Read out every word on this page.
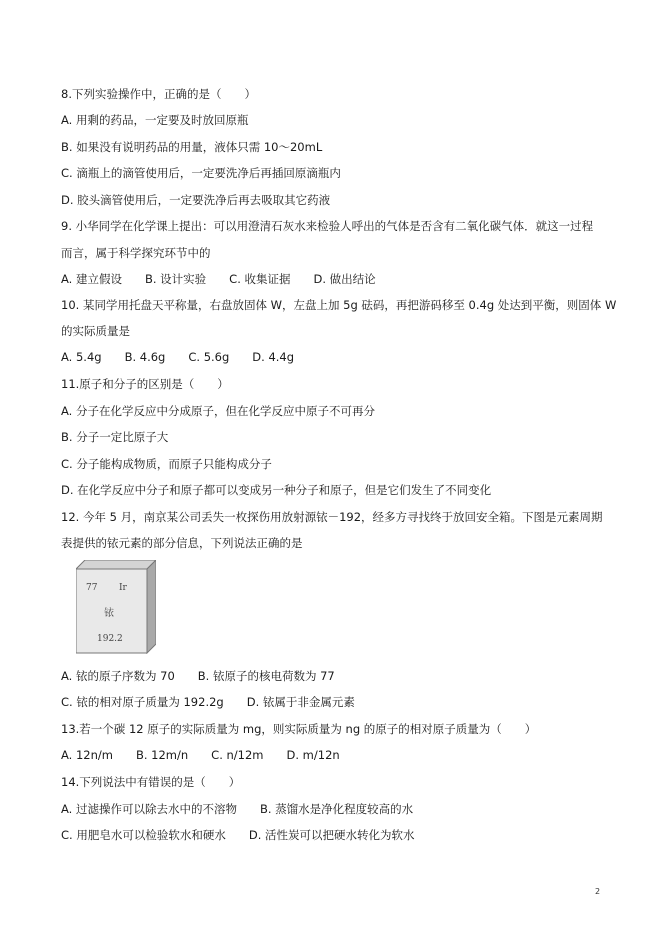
8.下列实验操作中，正确的是（　　）
A. 用剩的药品，一定要及时放回原瓶
B. 如果没有说明药品的用量，液体只需 10～20mL
C. 滴瓶上的滴管使用后，一定要洗净后再插回原滴瓶内
D. 胶头滴管使用后，一定要洗净后再去吸取其它药液
9. 小华同学在化学课上提出：可以用澄清石灰水来检验人呼出的气体是否含有二氧化碳气体．就这一过程
而言，属于科学探究环节中的
A. 建立假设　　B. 设计实验　　C. 收集证据　　D. 做出结论
10. 某同学用托盘天平称量，右盘放固体 W，左盘上加 5g 砝码，再把游码移至 0.4g 处达到平衡，则固体 W
的实际质量是
A. 5.4g　　B. 4.6g　　C. 5.6g　　D. 4.4g
11.原子和分子的区别是（　　）
A. 分子在化学反应中分成原子，但在化学反应中原子不可再分
B. 分子一定比原子大
C. 分子能构成物质，而原子只能构成分子
D. 在化学反应中分子和原子都可以变成另一种分子和原子，但是它们发生了不同变化
12. 今年 5 月，南京某公司丢失一枚探伤用放射源铱－192，经多方寻找终于放回安全箱。下图是元素周期
表提供的铱元素的部分信息，下列说法正确的是
77 Ir
铱
192.2
A. 铱的原子序数为 70　　B. 铱原子的核电荷数为 77
C. 铱的相对原子质量为 192.2g　　D. 铱属于非金属元素
13.若一个碳 12 原子的实际质量为 mg，则实际质量为 ng 的原子的相对原子质量为（　　）
A. 12n/m　　B. 12m/n　　C. n/12m　　D. m/12n
14.下列说法中有错误的是（　　）
A. 过滤操作可以除去水中的不溶物　　B. 蒸馏水是净化程度较高的水
C. 用肥皂水可以检验软水和硬水　　D. 活性炭可以把硬水转化为软水
2
